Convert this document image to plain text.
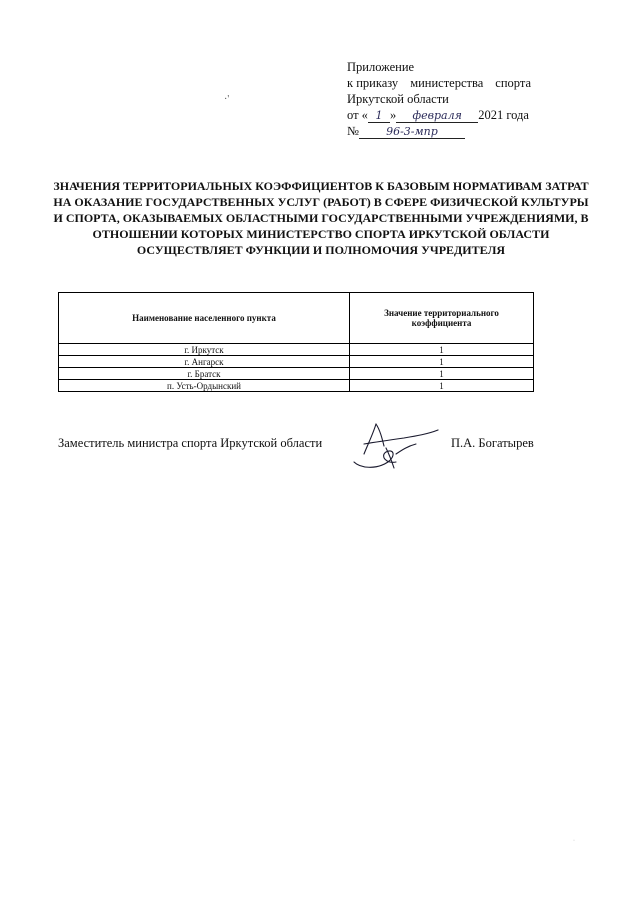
Приложение
к приказу министерства спорта
Иркутской области
от « 1 » февраля 2021 года
№ 96-3-мпр
·'
ЗНАЧЕНИЯ ТЕРРИТОРИАЛЬНЫХ КОЭФФИЦИЕНТОВ К БАЗОВЫМ НОРМАТИВАМ ЗАТРАТ НА ОКАЗАНИЕ ГОСУДАРСТВЕННЫХ УСЛУГ (РАБОТ) В СФЕРЕ ФИЗИЧЕСКОЙ КУЛЬТУРЫ И СПОРТА, ОКАЗЫВАЕМЫХ ОБЛАСТНЫМИ ГОСУДАРСТВЕННЫМИ УЧРЕЖДЕНИЯМИ, В ОТНОШЕНИИ КОТОРЫХ МИНИСТЕРСТВО СПОРТА ИРКУТСКОЙ ОБЛАСТИ ОСУЩЕСТВЛЯЕТ ФУНКЦИИ И ПОЛНОМОЧИЯ УЧРЕДИТЕЛЯ
Наименование населенного пункта	Значение территориального коэффициента
г. Иркутск	1
г. Ангарск	1
г. Братск	1
п. Усть-Ордынский	1
Заместитель министра спорта Иркутской области	П.А. Богатырев
·
